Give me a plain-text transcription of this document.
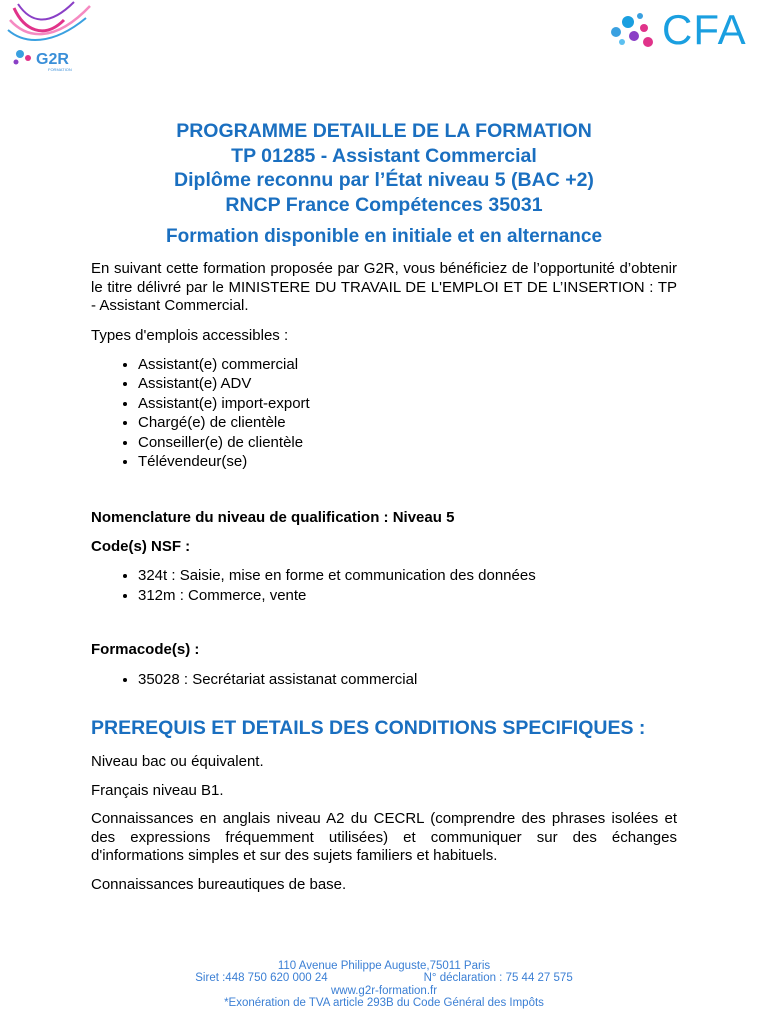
G2R
FORMATION
CFA
PROGRAMME DETAILLE DE LA FORMATION
TP 01285 - Assistant Commercial
Diplôme reconnu par l’État niveau 5 (BAC +2)
RNCP France Compétences 35031
Formation disponible en initiale et en alternance

En suivant cette formation proposée par G2R, vous bénéficiez de l’opportunité d’obtenir le titre délivré par le MINISTERE DU TRAVAIL DE L'EMPLOI ET DE L’INSERTION : TP - Assistant Commercial.

Types d'emplois accessibles :

• Assistant(e) commercial
• Assistant(e) ADV
• Assistant(e) import-export
• Chargé(e) de clientèle
• Conseiller(e) de clientèle
• Télévendeur(se)

Nomenclature du niveau de qualification : Niveau 5

Code(s) NSF :

• 324t : Saisie, mise en forme et communication des données
• 312m : Commerce, vente

Formacode(s) :

• 35028 : Secrétariat assistanat commercial
PREREQUIS ET DETAILS DES CONDITIONS SPECIFIQUES :

Niveau bac ou équivalent.

Français niveau B1.

Connaissances en anglais niveau A2 du CECRL (comprendre des phrases isolées et des expressions fréquemment utilisées) et communiquer sur des échanges d'informations simples et sur des sujets familiers et habituels.

Connaissances bureautiques de base.

110 Avenue Philippe Auguste,75011 Paris
Siret :448 750 620 000 24	N° déclaration : 75 44 27 575
www.g2r-formation.fr
*Exonération de TVA article 293B du Code Général des Impôts
